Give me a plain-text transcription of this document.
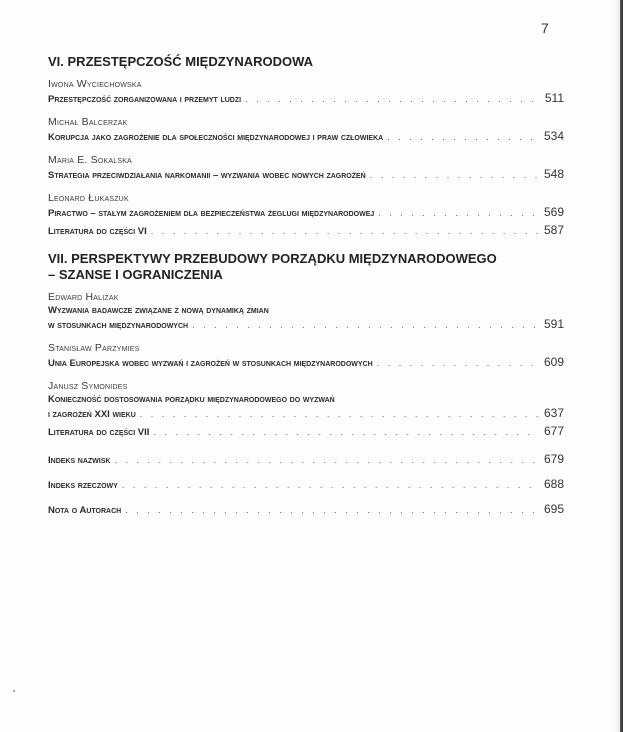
7
VI. PRZESTĘPCZOŚĆ MIĘDZYNARODOWA
Iwona Wyciechowska
Przestępczość zorganizowana i przemyt ludzi . . .	511
Michał Balcerzak
Korupcja jako zagrożenie dla społeczności międzynarodowej i praw człowieka . . .	534
Maria E. Sokalska
Strategia przeciwdziałania narkomanii – wyzwania wobec nowych zagrożeń . . .	548
Leonard Łukaszuk
Piractwo – stałym zagrożeniem dla bezpieczeństwa żeglugi międzynarodowej . . .	569
Literatura do części VI . . .	587
VII. PERSPEKTYWY PRZEBUDOWY PORZĄDKU MIĘDZYNARODOWEGO
– SZANSE I OGRANICZENIA
Edward Haliżak
Wyzwania badawcze związane z nową dynamiką zmian
w stosunkach międzynarodowych . . .	591
Stanisław Parzymies
Unia Europejska wobec wyzwań i zagrożeń w stosunkach międzynarodowych . . .	609
Janusz Symonides
Konieczność dostosowania porządku międzynarodowego do wyzwań
i zagrożeń XXI wieku . . .	637
Literatura do części VII . . .	677
Indeks nazwisk . . .	679
Indeks rzeczowy . . .	688
Nota o Autorach . . .	695
